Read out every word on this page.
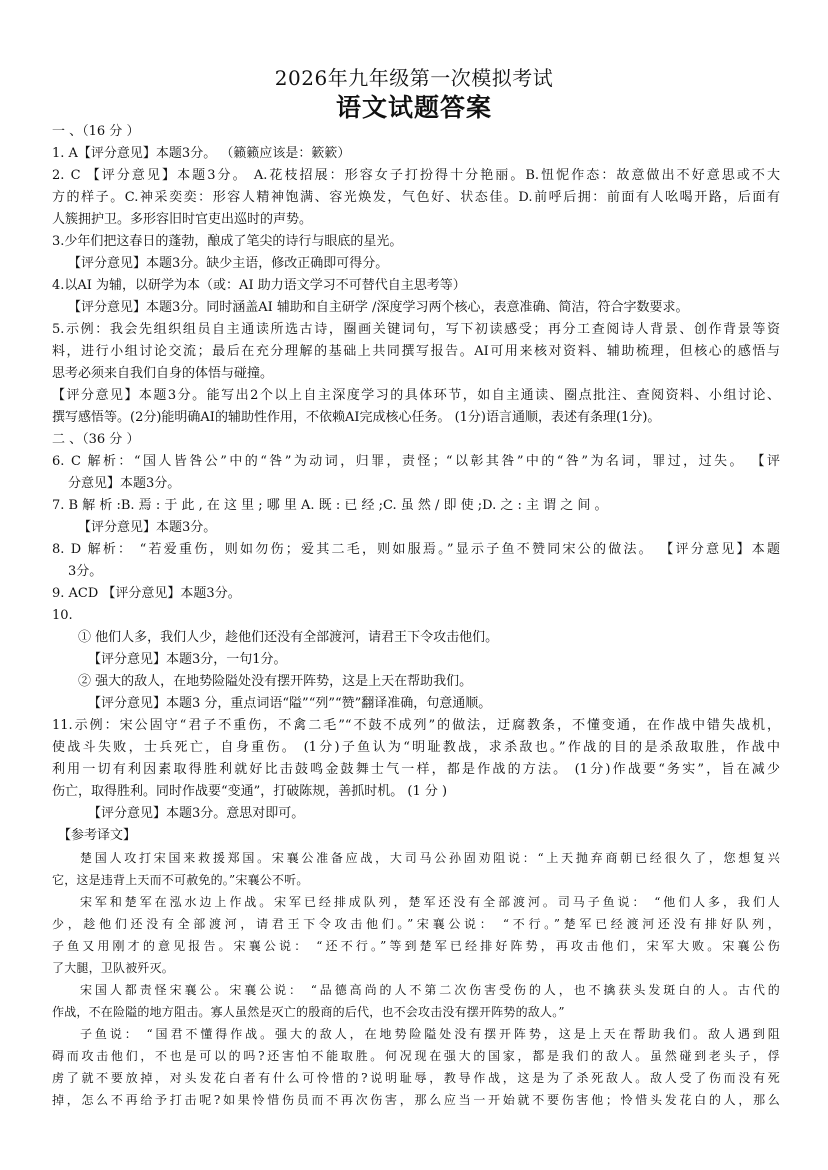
2026年九年级第一次模拟考试
语文试题答案
一 、（16 分 ）
1. A【评分意见】本题3分。 （籁籁应该是：簌簌）
2. C 【评分意见】本题3分。 A.花枝招展：形容女子打扮得十分艳丽。B.忸怩作态：故意做出不好意思或不大
方的样子。C.神采奕奕：形容人精神饱满、容光焕发，气色好、状态佳。D.前呼后拥：前面有人吆喝开路，后面有
人簇拥护卫。多形容旧时官吏出巡时的声势。
3.少年们把这春日的蓬勃，酿成了笔尖的诗行与眼底的星光。
【评分意见】本题3分。缺少主语，修改正确即可得分。
4.以AI 为辅，以研学为本（或：AI 助力语文学习不可替代自主思考等）
【评分意见】本题3分。同时涵盖AI 辅助和自主研学 /深度学习两个核心，表意准确、简洁，符合字数要求。
5.示例：我会先组织组员自主通读所选古诗，圈画关键词句，写下初读感受；再分工查阅诗人背景、创作背景等资
料，进行小组讨论交流；最后在充分理解的基础上共同撰写报告。AI可用来核对资料、辅助梳理，但核心的感悟与
思考必须来自我们自身的体悟与碰撞。
【评分意见】本题3分。能写出2个以上自主深度学习的具体环节，如自主通读、圈点批注、查阅资料、小组讨论、
撰写感悟等。(2分)能明确AI的辅助性作用，不依赖AI完成核心任务。 (1分)语言通顺，表述有条理(1分)。
二 、（36 分 ）
6. C 解析：“国人皆咎公”中的“咎”为动词，归罪，责怪；“以彰其咎”中的“咎”为名词，罪过，过失。 【评
分意见】本题3分。
7. B 解 析 :B. 焉 : 于 此 , 在 这 里 ; 哪 里 A. 既 : 已 经 ;C. 虽 然 / 即 使 ;D. 之 : 主 谓 之 间 。
【评分意见】本题3分。
8. D 解析： “若爱重伤，则如勿伤；爱其二毛，则如服焉。”显示子鱼不赞同宋公的做法。 【评分意见】本题
3分。
9. ACD 【评分意见】本题3分。
10.
① 他们人多，我们人少，趁他们还没有全部渡河，请君王下令攻击他们。
【评分意见】本题3分，一句1分。
② 强大的敌人，在地势险隘处没有摆开阵势，这是上天在帮助我们。
【评分意见】本题3 分，重点词语“隘”“列”“赞”翻译准确，句意通顺。
11.示例：宋公固守“君子不重伤，不禽二毛”“不鼓不成列”的做法，迂腐教条，不懂变通，在作战中错失战机，
使战斗失败，士兵死亡，自身重伤。 (1分)子鱼认为“明耻教战，求杀敌也。”作战的目的是杀敌取胜，作战中
利用一切有利因素取得胜利就好比击鼓鸣金鼓舞士气一样，都是作战的方法。 (1分)作战要“务实”，旨在减少
伤亡，取得胜利。同时作战要“变通”，打破陈规，善抓时机。 (1 分 )
【评分意见】本题3分。意思对即可。
【参考译文】
楚国人攻打宋国来救援郑国。宋襄公准备应战，大司马公孙固劝阻说：“上天抛弃商朝已经很久了，您想复兴
它，这是违背上天而不可赦免的。”宋襄公不听。
宋军和楚军在泓水边上作战。宋军已经排成队列，楚军还没有全部渡河。司马子鱼说： “他们人多，我们人
少，趁他们还没有全部渡河，请君王下令攻击他们。”宋襄公说： “不行。”楚军已经渡河还没有排好队列，
子鱼又用刚才的意见报告。宋襄公说： “还不行。”等到楚军已经排好阵势，再攻击他们，宋军大败。宋襄公伤
了大腿，卫队被歼灭。
宋国人都责怪宋襄公。宋襄公说： “品德高尚的人不第二次伤害受伤的人，也不擒获头发斑白的人。古代的
作战，不在险隘的地方阻击。寡人虽然是灭亡的殷商的后代，也不会攻击没有摆开阵势的敌人。”
子鱼说： “国君不懂得作战。强大的敌人，在地势险隘处没有摆开阵势，这是上天在帮助我们。敌人遇到阻
碍而攻击他们，不也是可以的吗?还害怕不能取胜。何况现在强大的国家，都是我们的敌人。虽然碰到老头子，俘
虏了就不要放掉，对头发花白者有什么可怜惜的?说明耻辱，教导作战，这是为了杀死敌人。敌人受了伤而没有死
掉，怎么不再给予打击呢?如果怜惜伤员而不再次伤害，那么应当一开始就不要伤害他；怜惜头发花白的人，那么
